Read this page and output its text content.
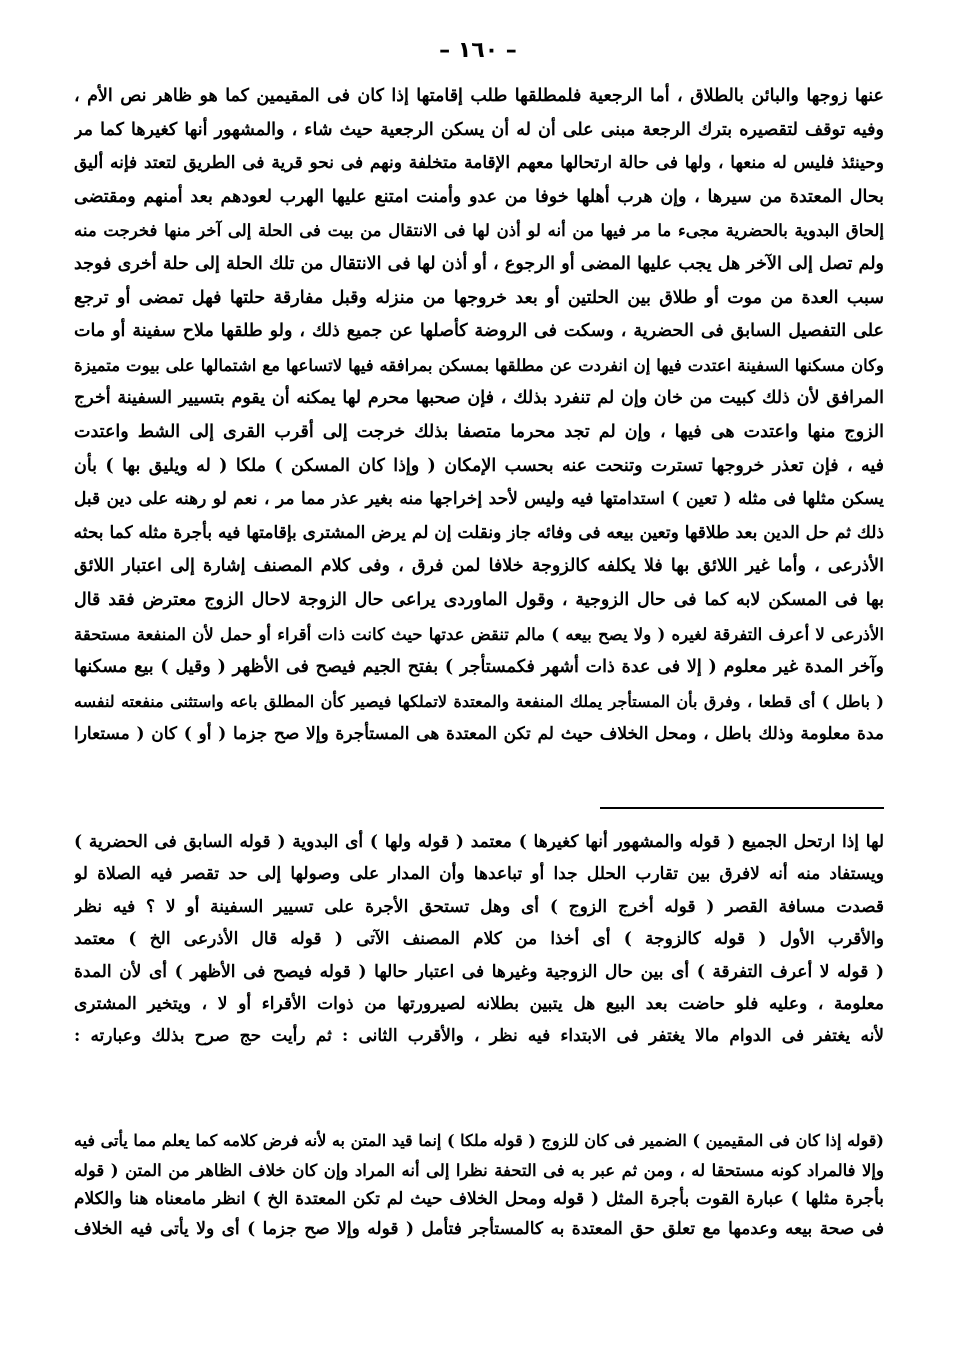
– ١٦٠ –
عنها زوجها والبائن بالطلاق ، أما الرجعية فلمطلقها طلب إقامتها إذا كان فى المقيمين كما هو ظاهر نص الأم ،
وفيه توقف لتقصيره بترك الرجعة مبنى على أن له أن يسكن الرجعية حيث شاء ، والمشهور أنها كغيرها كما مر
وحينئذ فليس له منعها ، ولها فى حالة ارتحالها معهم الإقامة متخلفة ونهم فى نحو قرية فى الطريق لتعتد فإنه أليق
بحال المعتدة من سيرها ، وإن هرب أهلها خوفا من عدو وأمنت امتنع عليها الهرب لعودهم بعد أمنهم ومقتضى
إلحاق البدوية بالحضرية مجىء ما مر فيها من أنه لو أذن لها فى الانتقال من بيت فى الحلة إلى آخر منها فخرجت منه
ولم تصل إلى الآخر هل يجب عليها المضى أو الرجوع ، أو أذن لها فى الانتقال من تلك الحلة إلى حلة أخرى فوجد
سبب العدة من موت أو طلاق بين الحلتين أو بعد خروجها من منزله وقبل مفارقة حلتها فهل تمضى أو ترجع
على التفصيل السابق فى الحضرية ، وسكت فى الروضة كأصلها عن جميع ذلك ، ولو طلقها ملاح سفينة أو مات
وكان مسكنها السفينة اعتدت فيها إن انفردت عن مطلقها بمسكن بمرافقه فيها لاتساعها مع اشتمالها على بيوت متميزة
المرافق لأن ذلك كبيت من خان وإن لم تنفرد بذلك ، فإن صحبها محرم لها يمكنه أن يقوم بتسيير السفينة أخرج
الزوج منها واعتدت هى فيها ، وإن لم تجد محرما متصفا بذلك خرجت إلى أقرب القرى إلى الشط واعتدت
فيه ، فإن تعذر خروجها تسترت وتنحت عنه بحسب الإمكان ( وإذا كان المسكن ) ملكا ( له ويليق بها ) بأن
يسكن مثلها فى مثله ( تعين ) استدامتها فيه وليس لأحد إخراجها منه بغير عذر مما مر ، نعم لو رهنه على دين قبل
ذلك ثم حل الدين بعد طلاقها وتعين بيعه فى وفائه جاز ونقلت إن لم يرض المشترى بإقامتها فيه بأجرة مثله كما بحثه
الأذرعى ، وأما غير اللائق بها فلا يكلفه كالزوجة خلافا لمن فرق ، وفى كلام المصنف إشارة إلى اعتبار اللائق
بها فى المسكن لابه كما فى حال الزوجية ، وقول الماوردى يراعى حال الزوجة لاحال الزوج معترض فقد قال
الأذرعى لا أعرف التفرقة لغيره ( ولا يصح بيعه ) مالم تنقض عدتها حيث كانت ذات أقراء أو حمل لأن المنفعة مستحقة
وآخر المدة غير معلوم ( إلا فى عدة ذات أشهر فكمستأجر ) بفتح الجيم فيصح فى الأظهر ( وقيل ) بيع مسكنها
( باطل ) أى قطعا ، وفرق بأن المستأجر يملك المنفعة والمعتدة لاتملكها فيصير كأن المطلق باعه واستثنى منفعته لنفسه
مدة معلومة وذلك باطل ، ومحل الخلاف حيث لم تكن المعتدة هى المستأجرة وإلا صح جزما ( أو ) كان ( مستعارا
لها إذا ارتحل الجميع ( قوله والمشهور أنها كغيرها ) معتمد ( قوله ولها ) أى البدوية ( قوله السابق فى الحضرية )
ويستفاد منه أنه لافرق بين تقارب الحلل جدا أو تباعدها وأن المدار على وصولها إلى حد تقصر فيه الصلاة لو
قصدت مسافة القصر ( قوله أخرج الزوج ) أى وهل تستحق الأجرة على تسيير السفينة أو لا ؟ فيه نظر
والأقرب الأول ( قوله كالزوجة ) أى أخذا من كلام المصنف الآتى ( قوله قال الأذرعى الخ ) معتمد
( قوله لا أعرف التفرقة ) أى بين حال الزوجية وغيرها فى اعتبار حالها ( قوله فيصح فى الأظهر ) أى لأن المدة
معلومة ، وعليه فلو حاضت بعد البيع هل يتبين بطلانه لصيرورتها من ذوات الأقراء أو لا ، ويتخير المشترى
لأنه يغتفر فى الدوام مالا يغتفر فى الابتداء فيه نظر ، والأقرب الثانى : ثم رأيت حج صرح بذلك وعبارته :
(قوله إذا كان فى المقيمين ) الضمير فى كان للزوج ( قوله ملكا ) إنما قيد المتن به لأنه فرض كلامه كما يعلم مما يأتى فيه
وإلا فالمراد كونه مستحقا له ، ومن ثم عبر به فى التحفة نظرا إلى أنه المراد وإن كان خلاف الظاهر من المتن ( قوله
بأجرة مثلها ) عبارة القوت بأجرة المثل ( قوله ومحل الخلاف حيث لم تكن المعتدة الخ ) انظر مامعناه هنا والكلام
فى صحة بيعه وعدمها مع تعلق حق المعتدة به كالمستأجر فتأمل ( قوله وإلا صح جزما ) أى ولا يأتى فيه الخلاف
